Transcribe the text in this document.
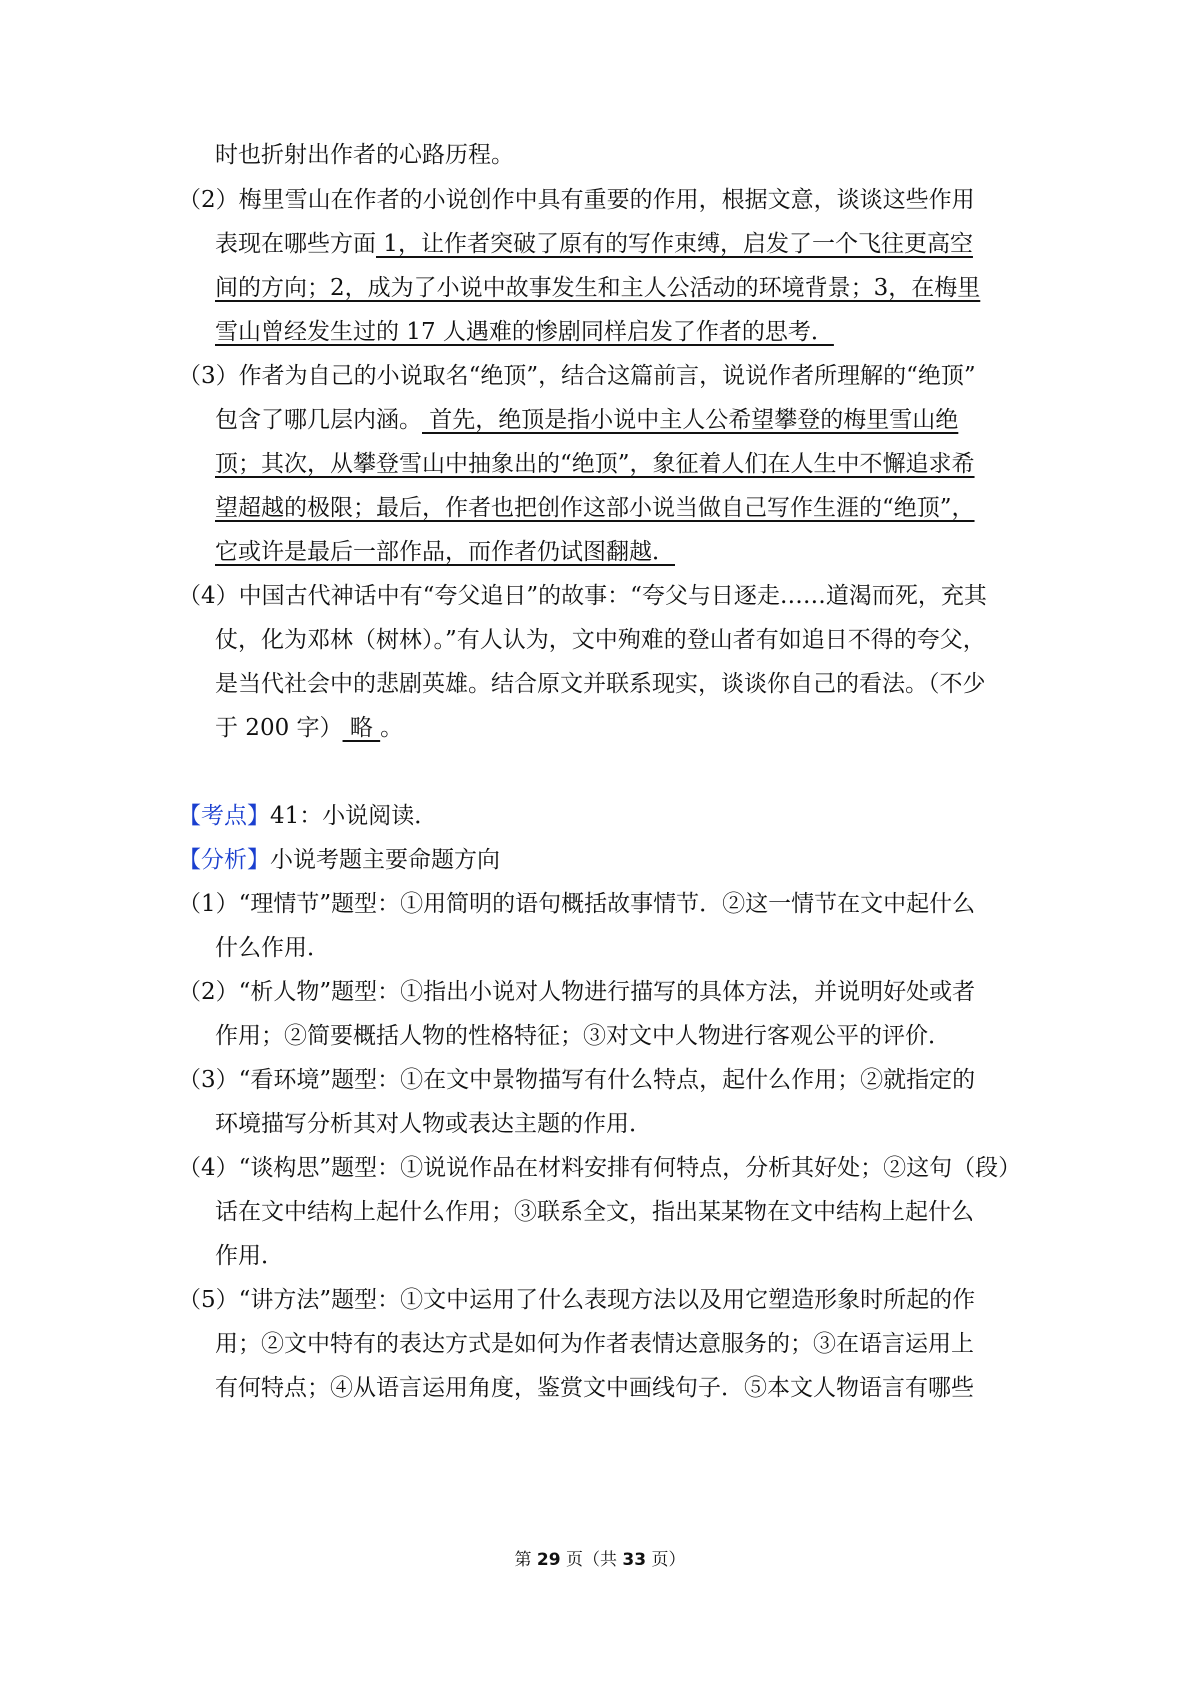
时也折射出作者的心路历程。
（2）梅里雪山在作者的小说创作中具有重要的作用，根据文意，谈谈这些作用
表现在哪些方面 1，让作者突破了原有的写作束缚，启发了一个飞往更高空
间的方向；2，成为了小说中故事发生和主人公活动的环境背景；3，在梅里
雪山曾经发生过的 17 人遇难的惨剧同样启发了作者的思考．
（3）作者为自己的小说取名“绝顶”，结合这篇前言，说说作者所理解的“绝顶”
包含了哪几层内涵。 首先，绝顶是指小说中主人公希望攀登的梅里雪山绝
顶；其次，从攀登雪山中抽象出的“绝顶”，象征着人们在人生中不懈追求希
望超越的极限；最后，作者也把创作这部小说当做自己写作生涯的“绝顶”，
它或许是最后一部作品，而作者仍试图翻越．
（4）中国古代神话中有“夸父追日”的故事：“夸父与日逐走……道渴而死，充其
仗，化为邓林（树林）。”有人认为，文中殉难的登山者有如追日不得的夸父，
是当代社会中的悲剧英雄。结合原文并联系现实，谈谈你自己的看法。（不少
于 200 字） 略 。
【考点】41：小说阅读．
【分析】小说考题主要命题方向
（1）“理情节”题型：①用简明的语句概括故事情节．②这一情节在文中起什么
什么作用．
（2）“析人物”题型：①指出小说对人物进行描写的具体方法，并说明好处或者
作用；②简要概括人物的性格特征；③对文中人物进行客观公平的评价．
（3）“看环境”题型：①在文中景物描写有什么特点，起什么作用；②就指定的
环境描写分析其对人物或表达主题的作用．
（4）“谈构思”题型：①说说作品在材料安排有何特点，分析其好处；②这句（段）
话在文中结构上起什么作用；③联系全文，指出某某物在文中结构上起什么
作用．
（5）“讲方法”题型：①文中运用了什么表现方法以及用它塑造形象时所起的作
用；②文中特有的表达方式是如何为作者表情达意服务的；③在语言运用上
有何特点；④从语言运用角度，鉴赏文中画线句子．⑤本文人物语言有哪些
第 29 页（共 33 页）
